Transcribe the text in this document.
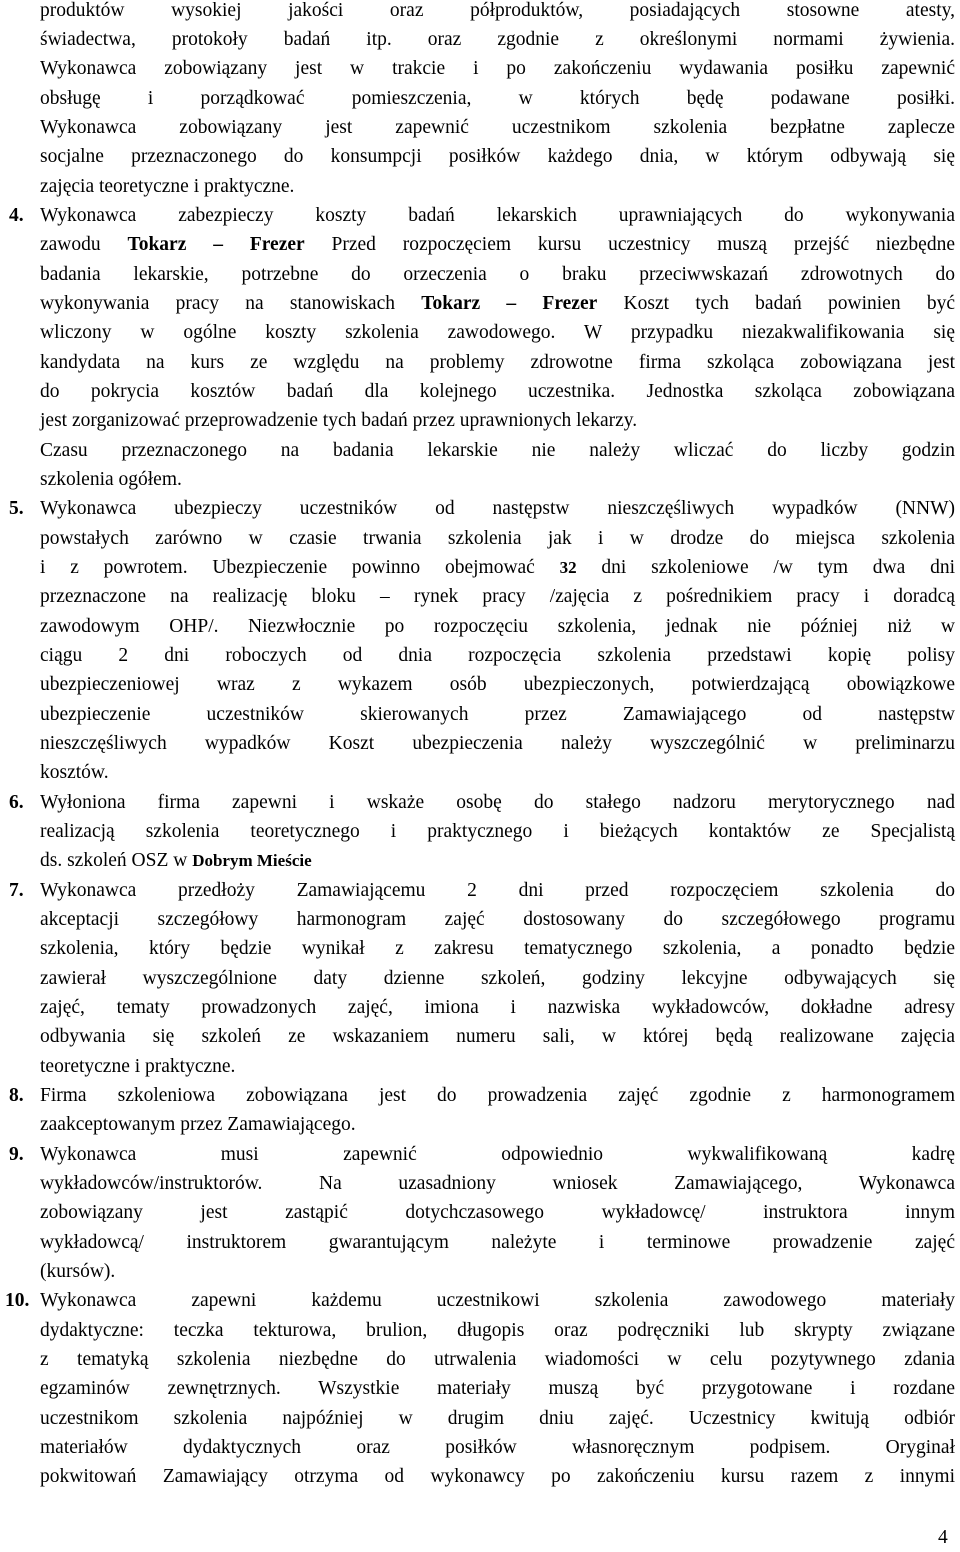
produktów wysokiej jakości oraz półproduktów, posiadających stosowne atesty,
świadectwa, protokoły badań itp. oraz zgodnie z określonymi normami żywienia.
Wykonawca zobowiązany jest w trakcie i po zakończeniu wydawania posiłku zapewnić
obsługę i porządkować pomieszczenia, w których będę podawane posiłki.
Wykonawca zobowiązany jest zapewnić uczestnikom szkolenia bezpłatne zaplecze
socjalne przeznaczonego do konsumpcji posiłków każdego dnia, w którym odbywają się
zajęcia teoretyczne i praktyczne.
4. Wykonawca zabezpieczy koszty badań lekarskich uprawniających do wykonywania
zawodu Tokarz – Frezer Przed rozpoczęciem kursu uczestnicy muszą przejść niezbędne
badania lekarskie, potrzebne do orzeczenia o braku przeciwwskazań zdrowotnych do
wykonywania pracy na stanowiskach Tokarz – Frezer Koszt tych badań powinien być
wliczony w ogólne koszty szkolenia zawodowego. W przypadku niezakwalifikowania się
kandydata na kurs ze względu na problemy zdrowotne firma szkoląca zobowiązana jest
do pokrycia kosztów badań dla kolejnego uczestnika. Jednostka szkoląca zobowiązana
jest zorganizować przeprowadzenie tych badań przez uprawnionych lekarzy.
Czasu przeznaczonego na badania lekarskie nie należy wliczać do liczby godzin
szkolenia ogółem.
5. Wykonawca ubezpieczy uczestników od następstw nieszczęśliwych wypadków (NNW)
powstałych zarówno w czasie trwania szkolenia jak i w drodze do miejsca szkolenia
i z powrotem. Ubezpieczenie powinno obejmować 32 dni szkoleniowe /w tym dwa dni
przeznaczone na realizację bloku – rynek pracy /zajęcia z pośrednikiem pracy i doradcą
zawodowym OHP/. Niezwłocznie po rozpoczęciu szkolenia, jednak nie później niż w
ciągu 2 dni roboczych od dnia rozpoczęcia szkolenia przedstawi kopię polisy
ubezpieczeniowej wraz z wykazem osób ubezpieczonych, potwierdzającą obowiązkowe
ubezpieczenie uczestników skierowanych przez Zamawiającego od następstw
nieszczęśliwych wypadków Koszt ubezpieczenia należy wyszczególnić w preliminarzu
kosztów.
6. Wyłoniona firma zapewni i wskaże osobę do stałego nadzoru merytorycznego nad
realizacją szkolenia teoretycznego i praktycznego i bieżących kontaktów ze Specjalistą
ds. szkoleń OSZ w Dobrym Mieście
7. Wykonawca przedłoży Zamawiającemu 2 dni przed rozpoczęciem szkolenia do
akceptacji szczegółowy harmonogram zajęć dostosowany do szczegółowego programu
szkolenia, który będzie wynikał z zakresu tematycznego szkolenia, a ponadto będzie
zawierał wyszczególnione daty dzienne szkoleń, godziny lekcyjne odbywających się
zajęć, tematy prowadzonych zajęć, imiona i nazwiska wykładowców, dokładne adresy
odbywania się szkoleń ze wskazaniem numeru sali, w której będą realizowane zajęcia
teoretyczne i praktyczne.
8. Firma szkoleniowa zobowiązana jest do prowadzenia zajęć zgodnie z harmonogramem
zaakceptowanym przez Zamawiającego.
9. Wykonawca musi zapewnić odpowiednio wykwalifikowaną kadrę
wykładowców/instruktorów. Na uzasadniony wniosek Zamawiającego, Wykonawca
zobowiązany jest zastąpić dotychczasowego wykładowcę/ instruktora innym
wykładowcą/ instruktorem gwarantującym należyte i terminowe prowadzenie zajęć
(kursów).
10. Wykonawca zapewni każdemu uczestnikowi szkolenia zawodowego materiały
dydaktyczne: teczka tekturowa, brulion, długopis oraz podręczniki lub skrypty związane
z tematyką szkolenia niezbędne do utrwalenia wiadomości w celu pozytywnego zdania
egzaminów zewnętrznych. Wszystkie materiały muszą być przygotowane i rozdane
uczestnikom szkolenia najpóźniej w drugim dniu zajęć. Uczestnicy kwitują odbiór
materiałów dydaktycznych oraz posiłków własnoręcznym podpisem. Oryginał
pokwitowań Zamawiający otrzyma od wykonawcy po zakończeniu kursu razem z innymi
4
